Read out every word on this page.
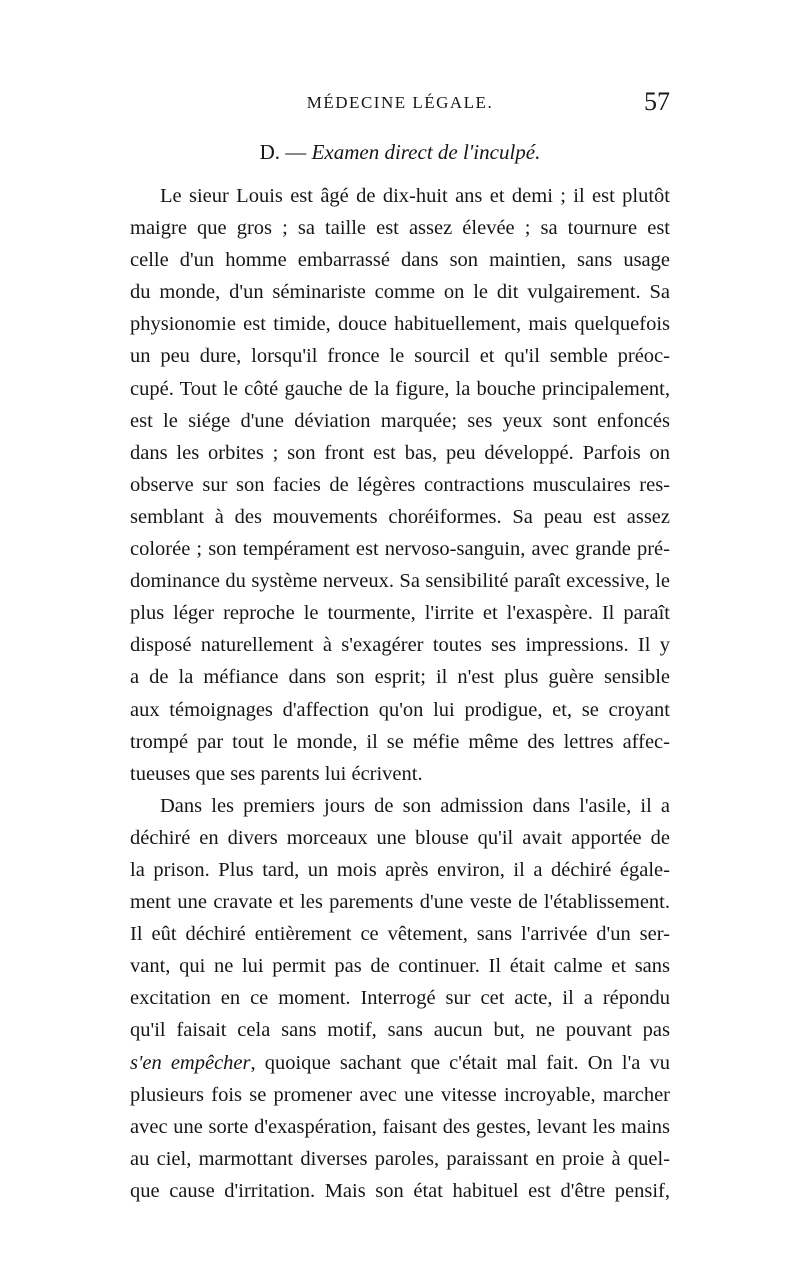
MÉDECINE LÉGALE.	57
D. — Examen direct de l'inculpé.
Le sieur Louis est âgé de dix-huit ans et demi ; il est plutôt
maigre que gros ; sa taille est assez élevée ; sa tournure est
celle d'un homme embarrassé dans son maintien, sans usage
du monde, d'un séminariste comme on le dit vulgairement. Sa
physionomie est timide, douce habituellement, mais quelquefois
un peu dure, lorsqu'il fronce le sourcil et qu'il semble préoc-
cupé. Tout le côté gauche de la figure, la bouche principalement,
est le siége d'une déviation marquée; ses yeux sont enfoncés
dans les orbites ; son front est bas, peu développé. Parfois on
observe sur son facies de légères contractions musculaires res-
semblant à des mouvements choréiformes. Sa peau est assez
colorée ; son tempérament est nervoso-sanguin, avec grande pré-
dominance du système nerveux. Sa sensibilité paraît excessive, le
plus léger reproche le tourmente, l'irrite et l'exaspère. Il paraît
disposé naturellement à s'exagérer toutes ses impressions. Il y
a de la méfiance dans son esprit; il n'est plus guère sensible
aux témoignages d'affection qu'on lui prodigue, et, se croyant
trompé par tout le monde, il se méfie même des lettres affec-
tueuses que ses parents lui écrivent.
Dans les premiers jours de son admission dans l'asile, il a
déchiré en divers morceaux une blouse qu'il avait apportée de
la prison. Plus tard, un mois après environ, il a déchiré égale-
ment une cravate et les parements d'une veste de l'établissement.
Il eût déchiré entièrement ce vêtement, sans l'arrivée d'un ser-
vant, qui ne lui permit pas de continuer. Il était calme et sans
excitation en ce moment. Interrogé sur cet acte, il a répondu
qu'il faisait cela sans motif, sans aucun but, ne pouvant pas
s'en empêcher, quoique sachant que c'était mal fait. On l'a vu
plusieurs fois se promener avec une vitesse incroyable, marcher
avec une sorte d'exaspération, faisant des gestes, levant les mains
au ciel, marmottant diverses paroles, paraissant en proie à quel-
que cause d'irritation. Mais son état habituel est d'être pensif,
